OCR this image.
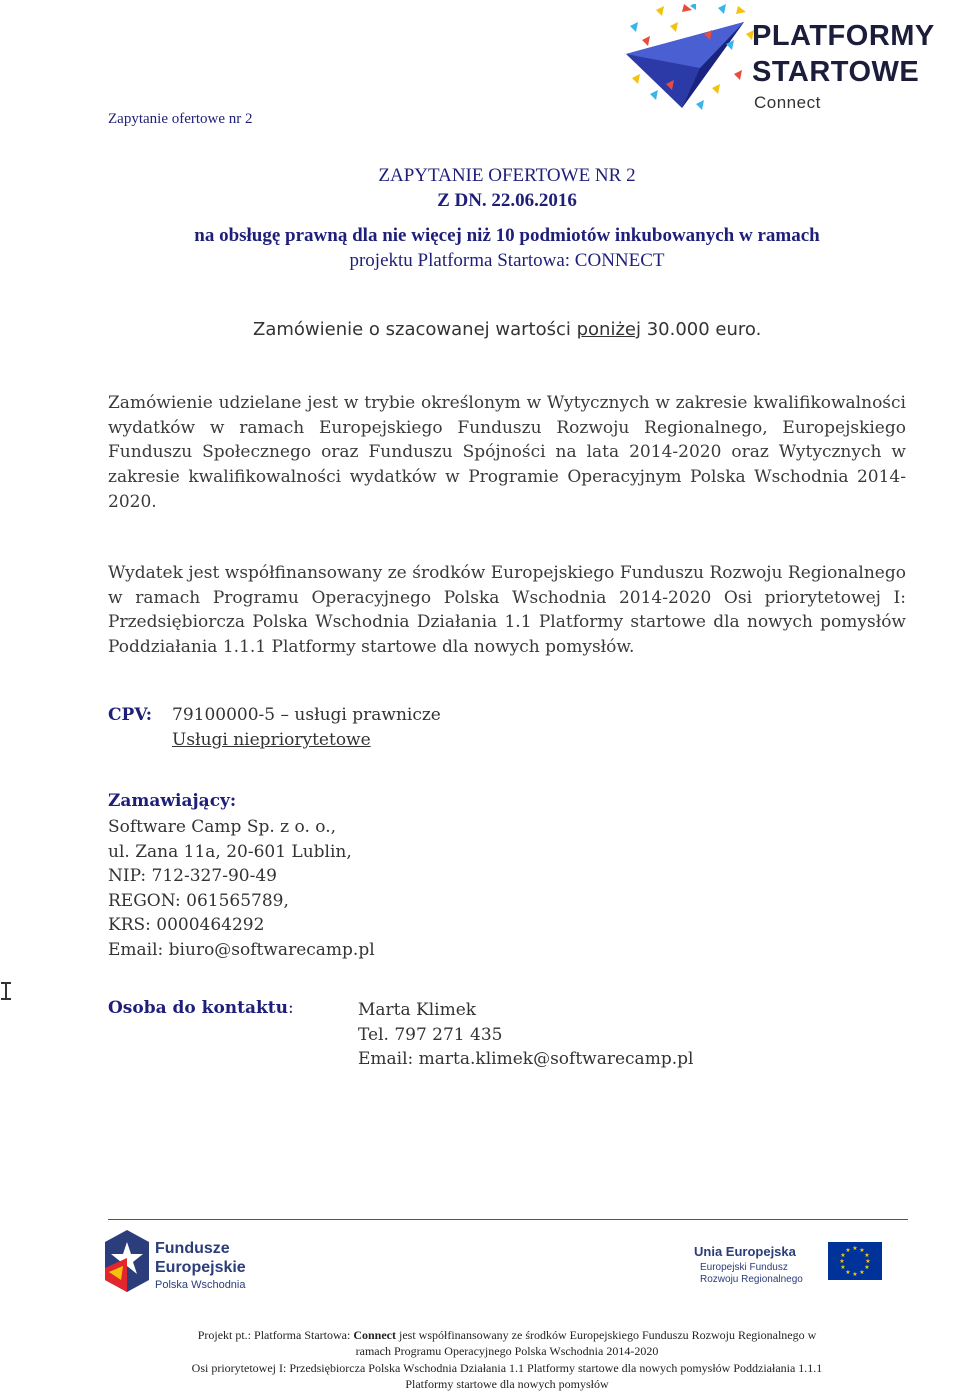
Zapytanie ofertowe nr 2
PLATFORMY
STARTOWE
Connect
ZAPYTANIE OFERTOWE NR 2
Z DN. 22.06.2016
na obsługę prawną dla nie więcej niż 10 podmiotów inkubowanych w ramach
projektu Platforma Startowa: CONNECT
Zamówienie o szacowanej wartości poniżej 30.000 euro.
Zamówienie udzielane jest w trybie określonym w Wytycznych w zakresie kwalifikowalności wydatków w ramach Europejskiego Funduszu Rozwoju Regionalnego, Europejskiego Funduszu Społecznego oraz Funduszu Spójności na lata 2014-2020 oraz Wytycznych w zakresie kwalifikowalności wydatków w Programie Operacyjnym Polska Wschodnia 2014-2020.
Wydatek jest współfinansowany ze środków Europejskiego Funduszu Rozwoju Regionalnego w ramach Programu Operacyjnego Polska Wschodnia 2014-2020 Osi priorytetowej I: Przedsiębiorcza Polska Wschodnia Działania 1.1 Platformy startowe dla nowych pomysłów Poddziałania 1.1.1 Platformy startowe dla nowych pomysłów.
CPV: 79100000-5 – usługi prawnicze
Usługi niepriorytetowe
Zamawiający:
Software Camp Sp. z o. o.,
ul. Zana 11a, 20-601 Lublin,
NIP: 712-327-90-49
REGON: 061565789,
KRS: 0000464292
Email: biuro@softwarecamp.pl
Osoba do kontaktu:	Marta Klimek
Tel. 797 271 435
Email: marta.klimek@softwarecamp.pl
Fundusze
Europejskie
Polska Wschodnia
Unia Europejska
Europejski Fundusz
Rozwoju Regionalnego
★ ★
★
★
★
★
★
★
★
★
★
★
Projekt pt.: Platforma Startowa: Connect jest współfinansowany ze środków Europejskiego Funduszu Rozwoju Regionalnego w
ramach Programu Operacyjnego Polska Wschodnia 2014-2020
Osi priorytetowej I: Przedsiębiorcza Polska Wschodnia Działania 1.1 Platformy startowe dla nowych pomysłów Poddziałania 1.1.1
Platformy startowe dla nowych pomysłów
